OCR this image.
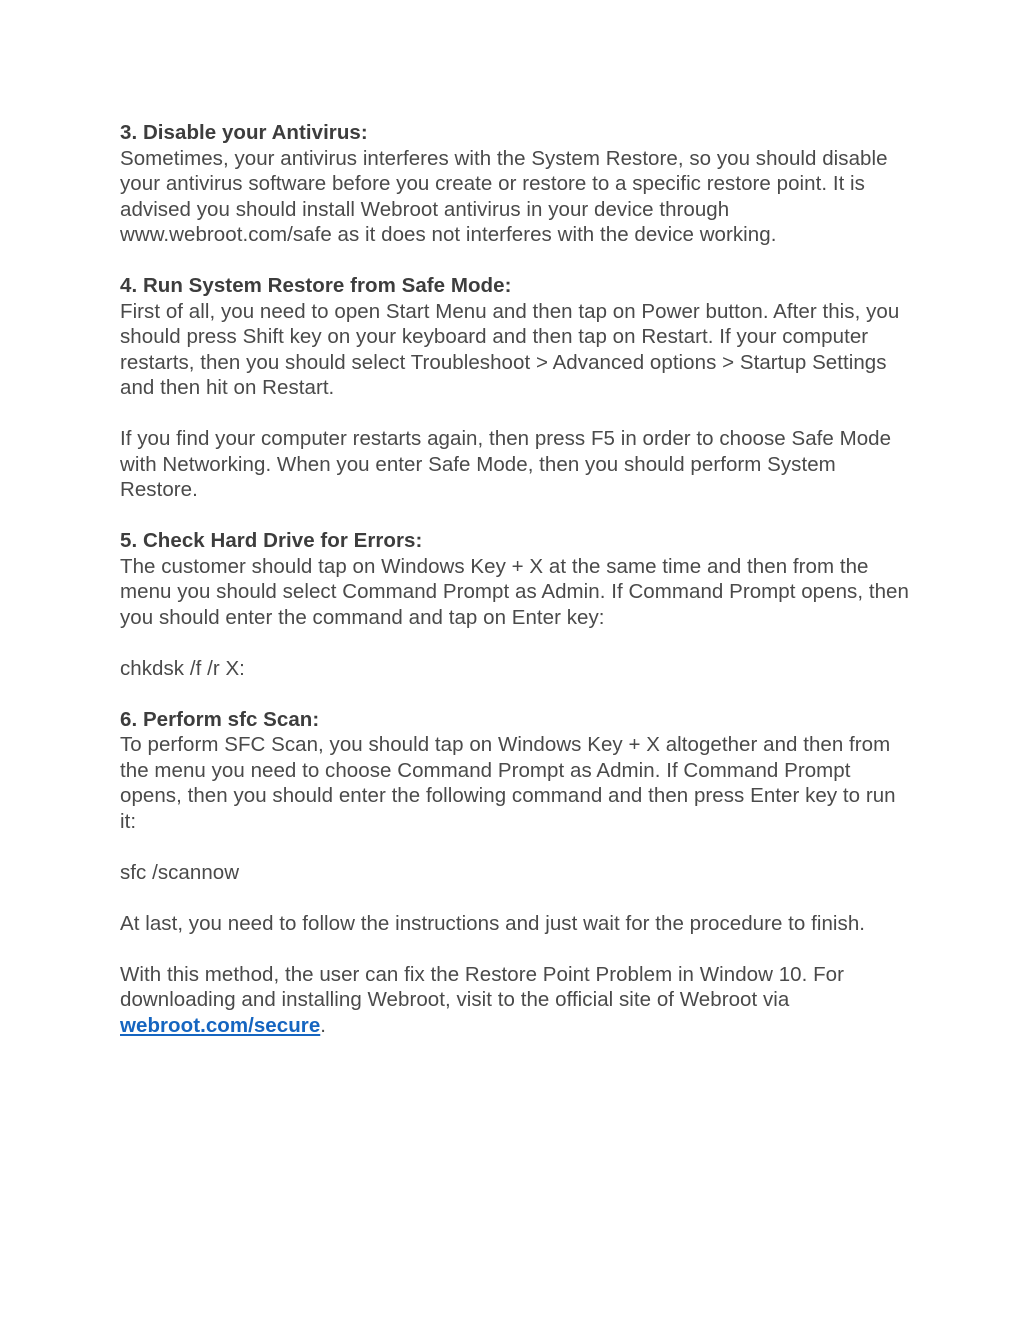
3. Disable your Antivirus:

Sometimes, your antivirus interferes with the System Restore, so you should disable your antivirus software before you create or restore to a specific restore point. It is advised you should install Webroot antivirus in your device through www.webroot.com/safe as it does not interferes with the device working.

4. Run System Restore from Safe Mode:

First of all, you need to open Start Menu and then tap on Power button. After this, you should press Shift key on your keyboard and then tap on Restart. If your computer restarts, then you should select Troubleshoot > Advanced options > Startup Settings and then hit on Restart.

If you find your computer restarts again, then press F5 in order to choose Safe Mode with Networking. When you enter Safe Mode, then you should perform System Restore.

5. Check Hard Drive for Errors:

The customer should tap on Windows Key + X at the same time and then from the menu you should select Command Prompt as Admin. If Command Prompt opens, then you should enter the command and tap on Enter key:

chkdsk /f /r X:

6. Perform sfc Scan:

To perform SFC Scan, you should tap on Windows Key + X altogether and then from the menu you need to choose Command Prompt as Admin. If Command Prompt opens, then you should enter the following command and then press Enter key to run it:

sfc /scannow

At last, you need to follow the instructions and just wait for the procedure to finish.

With this method, the user can fix the Restore Point Problem in Window 10. For downloading and installing Webroot, visit to the official site of Webroot via webroot.com/secure.
